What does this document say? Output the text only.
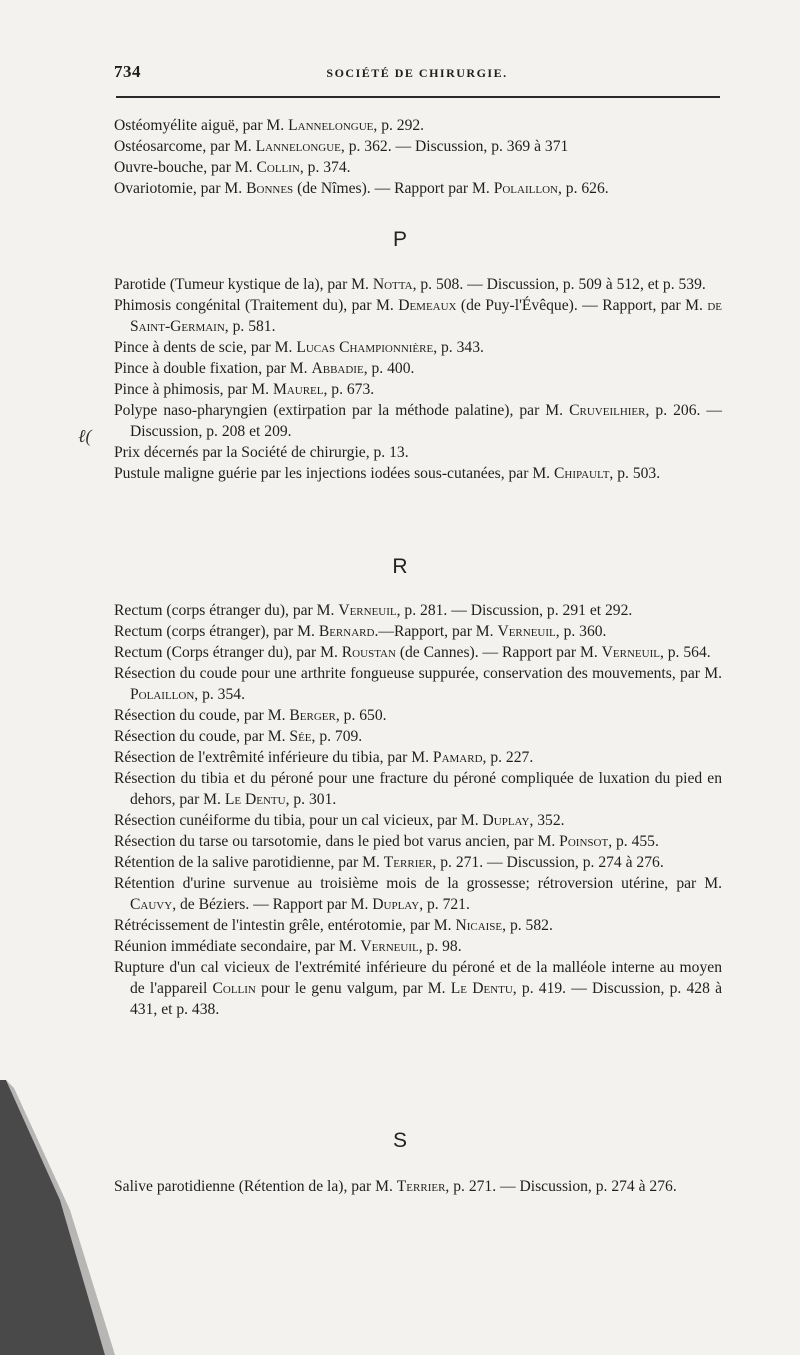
734	SOCIÉTÉ DE CHIRURGIE.

Ostéomyélite aiguë, par M. Lannelongue, p. 292.

Ostéosarcome, par M. Lannelongue, p. 362. — Discussion, p. 369 à 371

Ouvre-bouche, par M. Collin, p. 374.

Ovariotomie, par M. Bonnes (de Nîmes). — Rapport par M. Polaillon, p. 626.

P

Parotide (Tumeur kystique de la), par M. Notta, p. 508. — Discussion, p. 509 à 512, et p. 539.

Phimosis congénital (Traitement du), par M. Demeaux (de Puy-l'Évêque). — Rapport, par M. de Saint-Germain, p. 581.

Pince à dents de scie, par M. Lucas Championnière, p. 343.

Pince à double fixation, par M. Abbadie, p. 400.

Pince à phimosis, par M. Maurel, p. 673.

Polype naso-pharyngien (extirpation par la méthode palatine), par M. Cruveilhier, p. 206. — Discussion, p. 208 et 209.

Prix décernés par la Société de chirurgie, p. 13.

Pustule maligne guérie par les injections iodées sous-cutanées, par M. Chipault, p. 503.

R

Rectum (corps étranger du), par M. Verneuil, p. 281. — Discussion, p. 291 et 292.

Rectum (corps étranger), par M. Bernard.—Rapport, par M. Verneuil, p. 360.

Rectum (Corps étranger du), par M. Roustan (de Cannes). — Rapport par M. Verneuil, p. 564.

Résection du coude pour une arthrite fongueuse suppurée, conservation des mouvements, par M. Polaillon, p. 354.

Résection du coude, par M. Berger, p. 650.

Résection du coude, par M. Sée, p. 709.

Résection de l'extrêmité inférieure du tibia, par M. Pamard, p. 227.

Résection du tibia et du péroné pour une fracture du péroné compliquée de luxation du pied en dehors, par M. Le Dentu, p. 301.

Résection cunéiforme du tibia, pour un cal vicieux, par M. Duplay, 352.

Résection du tarse ou tarsotomie, dans le pied bot varus ancien, par M. Poinsot, p. 455.

Rétention de la salive parotidienne, par M. Terrier, p. 271. — Discussion, p. 274 à 276.

Rétention d'urine survenue au troisième mois de la grossesse; rétroversion utérine, par M. Cauvy, de Béziers. — Rapport par M. Duplay, p. 721.

Rétrécissement de l'intestin grêle, entérotomie, par M. Nicaise, p. 582.

Réunion immédiate secondaire, par M. Verneuil, p. 98.

Rupture d'un cal vicieux de l'extrémité inférieure du péroné et de la malléole interne au moyen de l'appareil Collin pour le genu valgum, par M. Le Dentu, p. 419. — Discussion, p. 428 à 431, et p. 438.

S

Salive parotidienne (Rétention de la), par M. Terrier, p. 271. — Discussion, p. 274 à 276.

ℓ(
